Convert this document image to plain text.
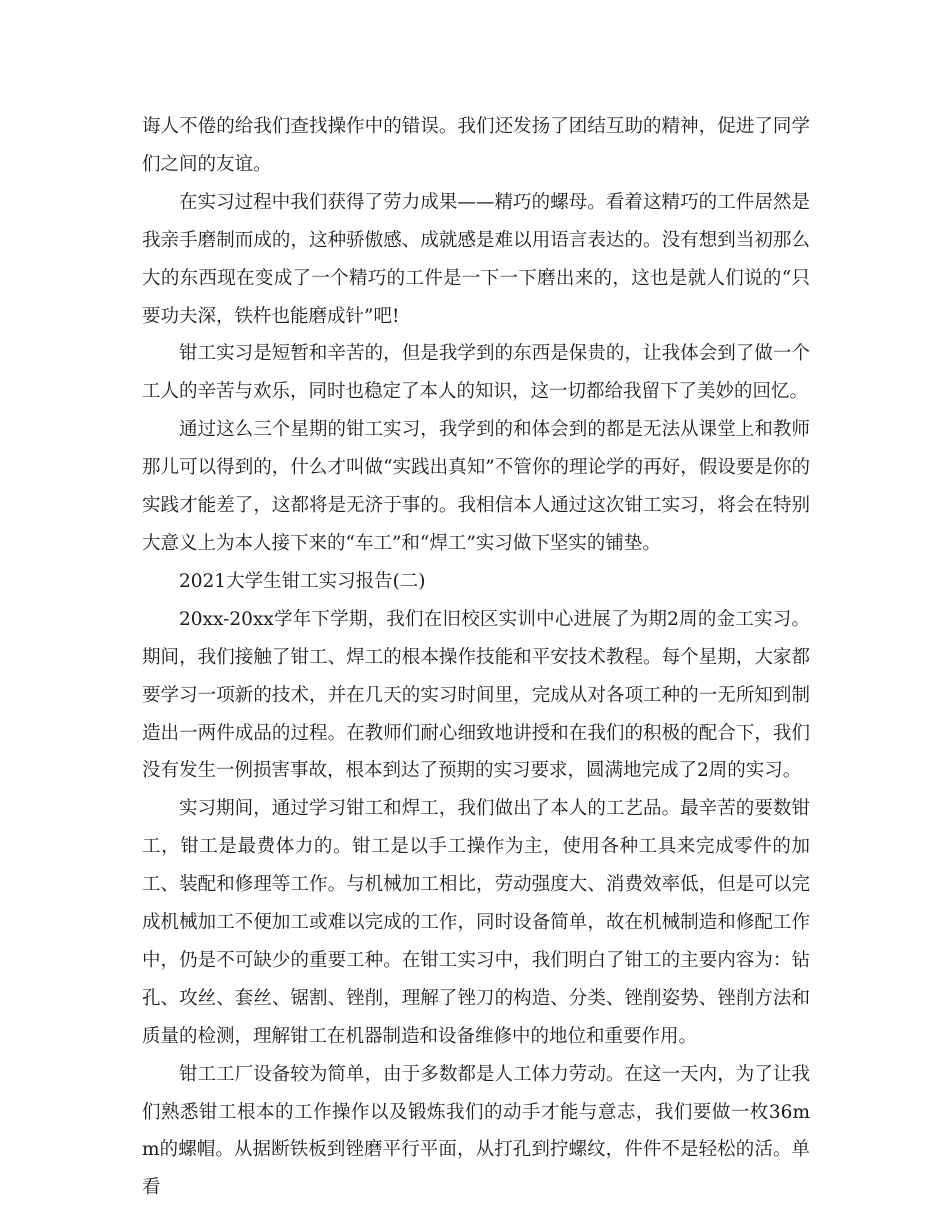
诲人不倦的给我们查找操作中的错误。我们还发扬了团结互助的精神，促进了同学们之间的友谊。

在实习过程中我们获得了劳力成果——精巧的螺母。看着这精巧的工件居然是我亲手磨制而成的，这种骄傲感、成就感是难以用语言表达的。没有想到当初那么大的东西现在变成了一个精巧的工件是一下一下磨出来的，这也是就人们说的“只要功夫深，铁杵也能磨成针”吧!

钳工实习是短暂和辛苦的，但是我学到的东西是保贵的，让我体会到了做一个工人的辛苦与欢乐，同时也稳定了本人的知识，这一切都给我留下了美妙的回忆。

通过这么三个星期的钳工实习，我学到的和体会到的都是无法从课堂上和教师那儿可以得到的，什么才叫做“实践出真知”不管你的理论学的再好，假设要是你的实践才能差了，这都将是无济于事的。我相信本人通过这次钳工实习，将会在特别大意义上为本人接下来的“车工”和“焊工”实习做下坚实的铺垫。

2021大学生钳工实习报告(二)

20xx-20xx学年下学期，我们在旧校区实训中心进展了为期2周的金工实习。期间，我们接触了钳工、焊工的根本操作技能和平安技术教程。每个星期，大家都要学习一项新的技术，并在几天的实习时间里，完成从对各项工种的一无所知到制造出一两件成品的过程。在教师们耐心细致地讲授和在我们的积极的配合下，我们没有发生一例损害事故，根本到达了预期的实习要求，圆满地完成了2周的实习。

实习期间，通过学习钳工和焊工，我们做出了本人的工艺品。最辛苦的要数钳工，钳工是最费体力的。钳工是以手工操作为主，使用各种工具来完成零件的加工、装配和修理等工作。与机械加工相比，劳动强度大、消费效率低，但是可以完成机械加工不便加工或难以完成的工作，同时设备简单，故在机械制造和修配工作中，仍是不可缺少的重要工种。在钳工实习中，我们明白了钳工的主要内容为：钻孔、攻丝、套丝、锯割、锉削，理解了锉刀的构造、分类、锉削姿势、锉削方法和质量的检测，理解钳工在机器制造和设备维修中的地位和重要作用。

钳工工厂设备较为简单，由于多数都是人工体力劳动。在这一天内，为了让我们熟悉钳工根本的工作操作以及锻炼我们的动手才能与意志，我们要做一枚36mm的螺帽。从据断铁板到锉磨平行平面，从打孔到拧螺纹，件件不是轻松的活。单看
